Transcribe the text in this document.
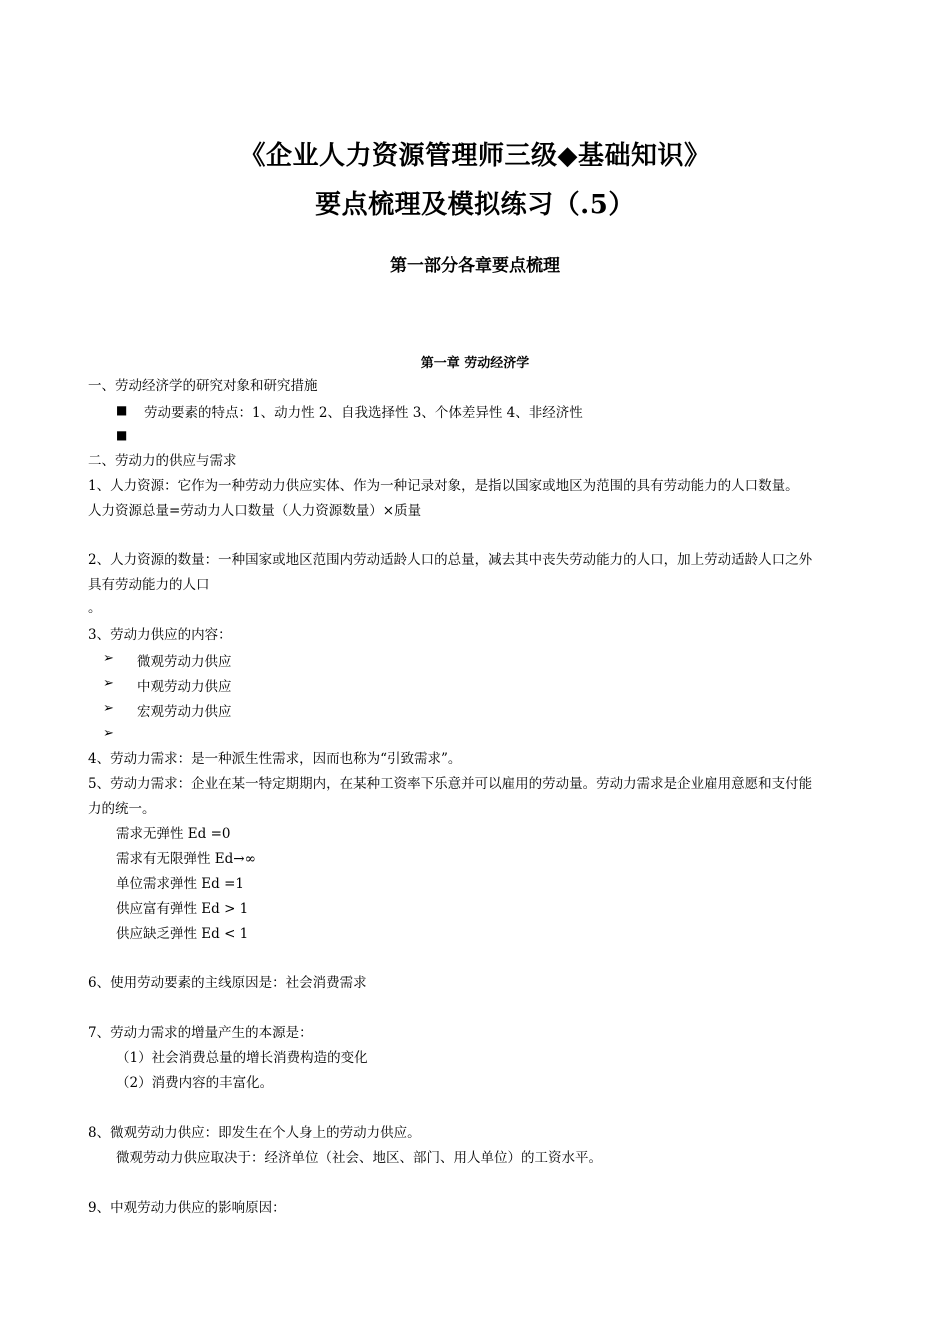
《企业人力资源管理师三级◆基础知识》
要点梳理及模拟练习（.5）
第一部分各章要点梳理
第一章 劳动经济学
一、劳动经济学的研究对象和研究措施
■ 劳动要素的特点：1、动力性 2、自我选择性 3、个体差异性 4、非经济性
■
二、劳动力的供应与需求
1、人力资源：它作为一种劳动力供应实体、作为一种记录对象，是指以国家或地区为范围的具有劳动能力的人口数量。
人力资源总量=劳动力人口数量（人力资源数量）×质量
2、人力资源的数量：一种国家或地区范围内劳动适龄人口的总量，减去其中丧失劳动能力的人口，加上劳动适龄人口之外
具有劳动能力的人口
。
3、劳动力供应的内容：
➢ 微观劳动力供应
➢ 中观劳动力供应
➢ 宏观劳动力供应
➢
4、劳动力需求：是一种派生性需求，因而也称为“引致需求”。
5、劳动力需求：企业在某一特定期期内，在某种工资率下乐意并可以雇用的劳动量。劳动力需求是企业雇用意愿和支付能
力的统一。
需求无弹性 Ed =0
需求有无限弹性 Ed→∞
单位需求弹性 Ed =1
供应富有弹性 Ed > 1
供应缺乏弹性 Ed < 1
6、使用劳动要素的主线原因是：社会消费需求
7、劳动力需求的增量产生的本源是：
（1）社会消费总量的增长消费构造的变化
（2）消费内容的丰富化。
8、微观劳动力供应：即发生在个人身上的劳动力供应。
微观劳动力供应取决于：经济单位（社会、地区、部门、用人单位）的工资水平。
9、中观劳动力供应的影响原因：
